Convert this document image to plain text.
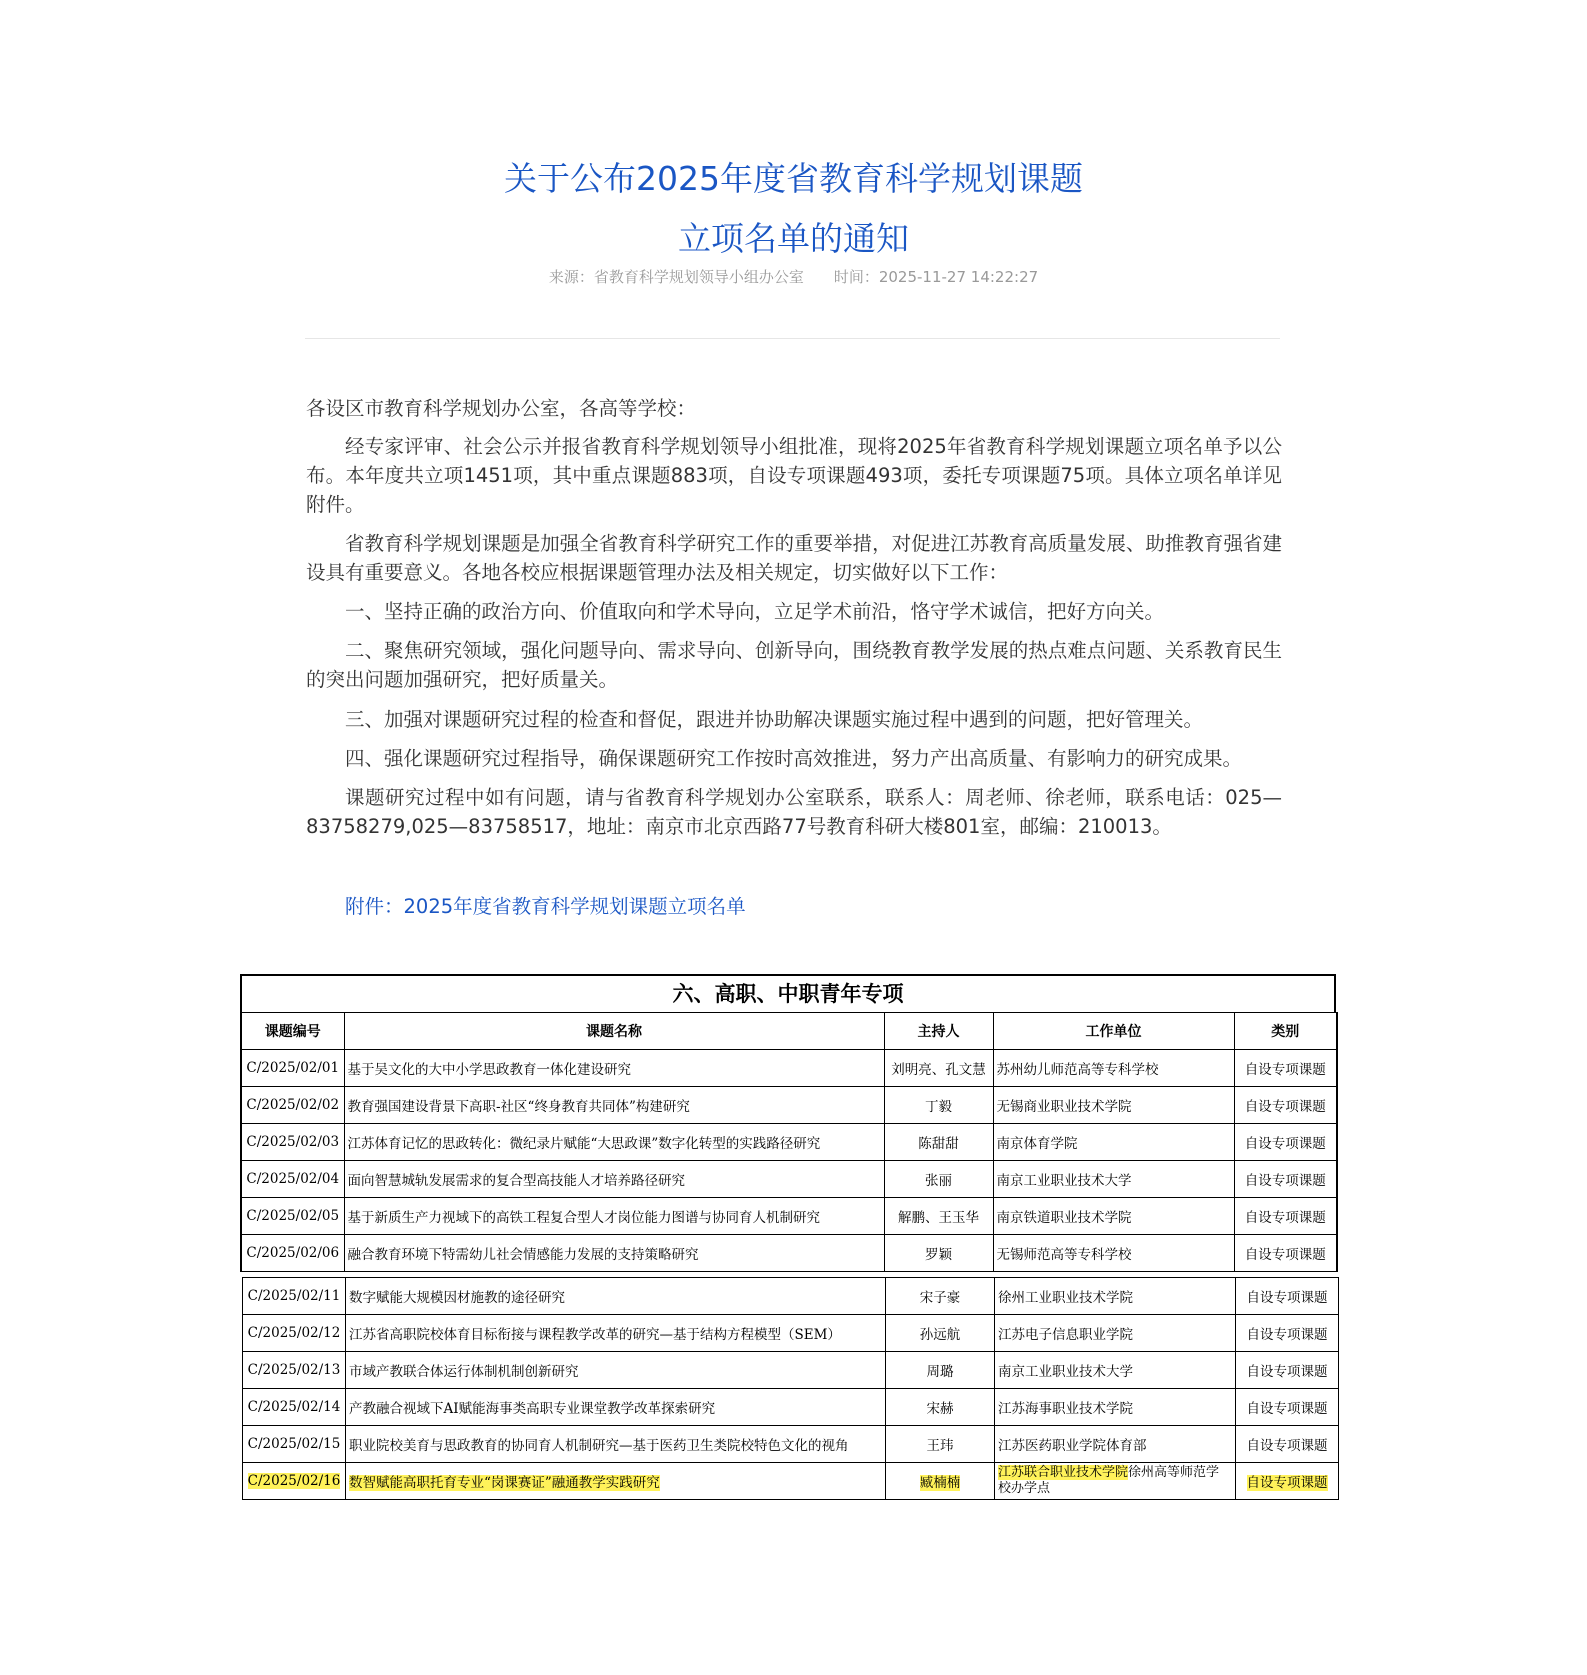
关于公布2025年度省教育科学规划课题
立项名单的通知
来源：省教育科学规划领导小组办公室 时间：2025-11-27 14:22:27
各设区市教育科学规划办公室，各高等学校：
经专家评审、社会公示并报省教育科学规划领导小组批准，现将2025年省教育科学规划课题立项名单予以公布。本年度共立项1451项，其中重点课题883项，自设专项课题493项，委托专项课题75项。具体立项名单详见附件。
省教育科学规划课题是加强全省教育科学研究工作的重要举措，对促进江苏教育高质量发展、助推教育强省建设具有重要意义。各地各校应根据课题管理办法及相关规定，切实做好以下工作：
一、坚持正确的政治方向、价值取向和学术导向，立足学术前沿，恪守学术诚信，把好方向关。
二、聚焦研究领域，强化问题导向、需求导向、创新导向，围绕教育教学发展的热点难点问题、关系教育民生的突出问题加强研究，把好质量关。
三、加强对课题研究过程的检查和督促，跟进并协助解决课题实施过程中遇到的问题，把好管理关。
四、强化课题研究过程指导，确保课题研究工作按时高效推进，努力产出高质量、有影响力的研究成果。
课题研究过程中如有问题，请与省教育科学规划办公室联系，联系人：周老师、徐老师，联系电话：025—83758279,025—83758517，地址：南京市北京西路77号教育科研大楼801室，邮编：210013。
附件：2025年度省教育科学规划课题立项名单
六、高职、中职青年专项
课题编号	课题名称	主持人	工作单位	类别
C/2025/02/01	基于吴文化的大中小学思政教育一体化建设研究	刘明亮、孔文慧	苏州幼儿师范高等专科学校	自设专项课题
C/2025/02/02	教育强国建设背景下高职-社区“终身教育共同体”构建研究	丁毅	无锡商业职业技术学院	自设专项课题
C/2025/02/03	江苏体育记忆的思政转化：微纪录片赋能“大思政课”数字化转型的实践路径研究	陈甜甜	南京体育学院	自设专项课题
C/2025/02/04	面向智慧城轨发展需求的复合型高技能人才培养路径研究	张丽	南京工业职业技术大学	自设专项课题
C/2025/02/05	基于新质生产力视域下的高铁工程复合型人才岗位能力图谱与协同育人机制研究	解鹏、王玉华	南京铁道职业技术学院	自设专项课题
C/2025/02/06	融合教育环境下特需幼儿社会情感能力发展的支持策略研究	罗颖	无锡师范高等专科学校	自设专项课题
C/2025/02/11	数字赋能大规模因材施教的途径研究	宋子豪	徐州工业职业技术学院	自设专项课题
C/2025/02/12	江苏省高职院校体育目标衔接与课程教学改革的研究—基于结构方程模型（SEM）	孙远航	江苏电子信息职业学院	自设专项课题
C/2025/02/13	市域产教联合体运行体制机制创新研究	周璐	南京工业职业技术大学	自设专项课题
C/2025/02/14	产教融合视域下AI赋能海事类高职专业课堂教学改革探索研究	宋赫	江苏海事职业技术学院	自设专项课题
C/2025/02/15	职业院校美育与思政教育的协同育人机制研究—基于医药卫生类院校特色文化的视角	王玮	江苏医药职业学院体育部	自设专项课题
C/2025/02/16	数智赋能高职托育专业“岗课赛证”融通教学实践研究	臧楠楠	江苏联合职业技术学院徐州高等师范学校办学点	自设专项课题
